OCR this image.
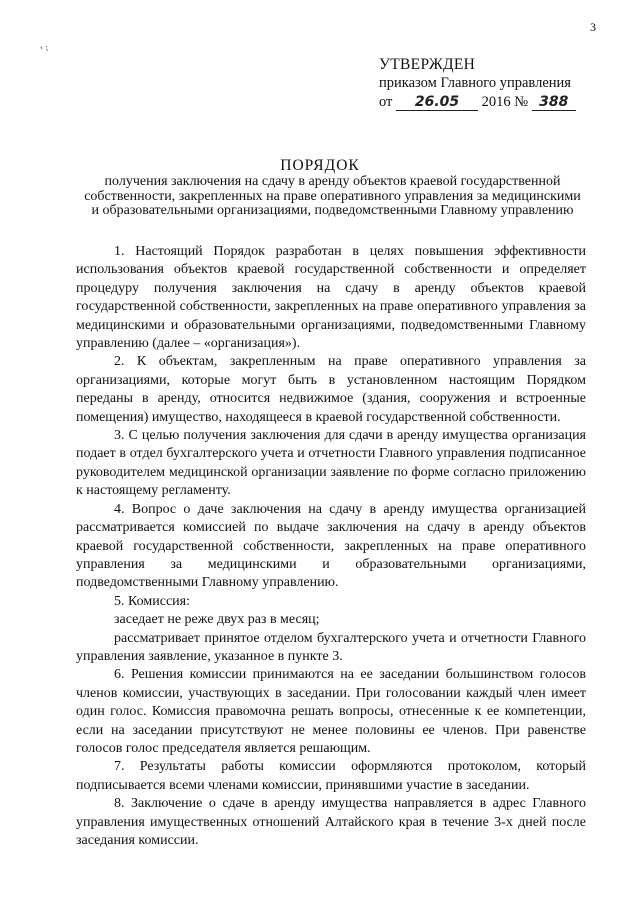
3
‹ ⁏
УТВЕРЖДЕН
приказом Главного управления
от 26.05 2016 № 388
ПОРЯДОК

получения заключения на сдачу в аренду объектов краевой государственной собственности, закрепленных на праве оперативного управления за медицинскими и образовательными организациями, подведомственными Главному управлению

1. Настоящий Порядок разработан в целях повышения эффективности использования объектов краевой государственной собственности и определяет процедуру получения заключения на сдачу в аренду объектов краевой государственной собственности, закрепленных на праве оперативного управления за медицинскими и образовательными организациями, подведомственными Главному управлению (далее – «организация»).

2. К объектам, закрепленным на праве оперативного управления за организациями, которые могут быть в установленном настоящим Порядком переданы в аренду, относится недвижимое (здания, сооружения и встроенные помещения) имущество, находящееся в краевой государственной собственности.

3. С целью получения заключения для сдачи в аренду имущества организация подает в отдел бухгалтерского учета и отчетности Главного управления подписанное руководителем медицинской организации заявление по форме согласно приложению к настоящему регламенту.

4. Вопрос о даче заключения на сдачу в аренду имущества организацией рассматривается комиссией по выдаче заключения на сдачу в аренду объектов краевой государственной собственности, закрепленных на праве оперативного управления за медицинскими и образовательными организациями, подведомственными Главному управлению.

5. Комиссия:

заседает не реже двух раз в месяц;

рассматривает принятое отделом бухгалтерского учета и отчетности Главного управления заявление, указанное в пункте 3.

6. Решения комиссии принимаются на ее заседании большинством голосов членов комиссии, участвующих в заседании. При голосовании каждый член имеет один голос. Комиссия правомочна решать вопросы, отнесенные к ее компетенции, если на заседании присутствуют не менее половины ее членов. При равенстве голосов голос председателя является решающим.

7. Результаты работы комиссии оформляются протоколом, который подписывается всеми членами комиссии, принявшими участие в заседании.

8. Заключение о сдаче в аренду имущества направляется в адрес Главного управления имущественных отношений Алтайского края в течение 3-х дней после заседания комиссии.
